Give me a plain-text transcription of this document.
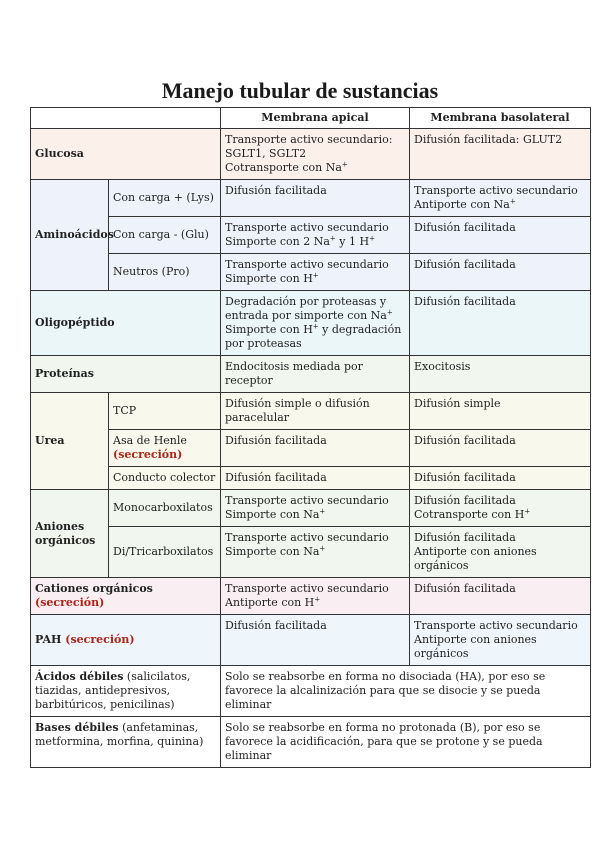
Manejo tubular de sustancias
		Membrana apical	Membrana basolateral
Glucosa		Transporte activo secundario:
SGLT1, SGLT2
Cotransporte con Na+	Difusión facilitada: GLUT2
Aminoácidos	Con carga + (Lys)	Difusión facilitada	Transporte activo secundario
Antiporte con Na+
	Con carga - (Glu)	Transporte activo secundario
Simporte con 2 Na+ y 1 H+	Difusión facilitada
	Neutros (Pro)	Transporte activo secundario
Simporte con H+	Difusión facilitada
Oligopéptido		Degradación por proteasas y
entrada por simporte con Na+
Simporte con H+ y degradación
por proteasas	Difusión facilitada
Proteínas		Endocitosis mediada por receptor	Exocitosis
Urea	TCP	Difusión simple o difusión
paracelular	Difusión simple
	Asa de Henle
(secreción)	Difusión facilitada	Difusión facilitada
	Conducto colector	Difusión facilitada	Difusión facilitada
Aniones
orgánicos	Monocarboxilatos	Transporte activo secundario
Simporte con Na+	Difusión facilitada
Cotransporte con H+
	Di/Tricarboxilatos	Transporte activo secundario
Simporte con Na+	Difusión facilitada
Antiporte con aniones orgánicos
Cationes orgánicos (secreción)		Transporte activo secundario
Antiporte con H+	Difusión facilitada
PAH (secreción)		Difusión facilitada	Transporte activo secundario
Antiporte con aniones orgánicos
Ácidos débiles (salicilatos, tiazidas, antidepresivos, barbitúricos, penicilinas)		Solo se reabsorbe en forma no disociada (HA), por eso se favorece la alcalinización para que se disocie y se pueda eliminar	
Bases débiles (anfetaminas, metformina, morfina, quinina)		Solo se reabsorbe en forma no protonada (B), por eso se favorece la acidificación, para que se protone y se pueda eliminar	
